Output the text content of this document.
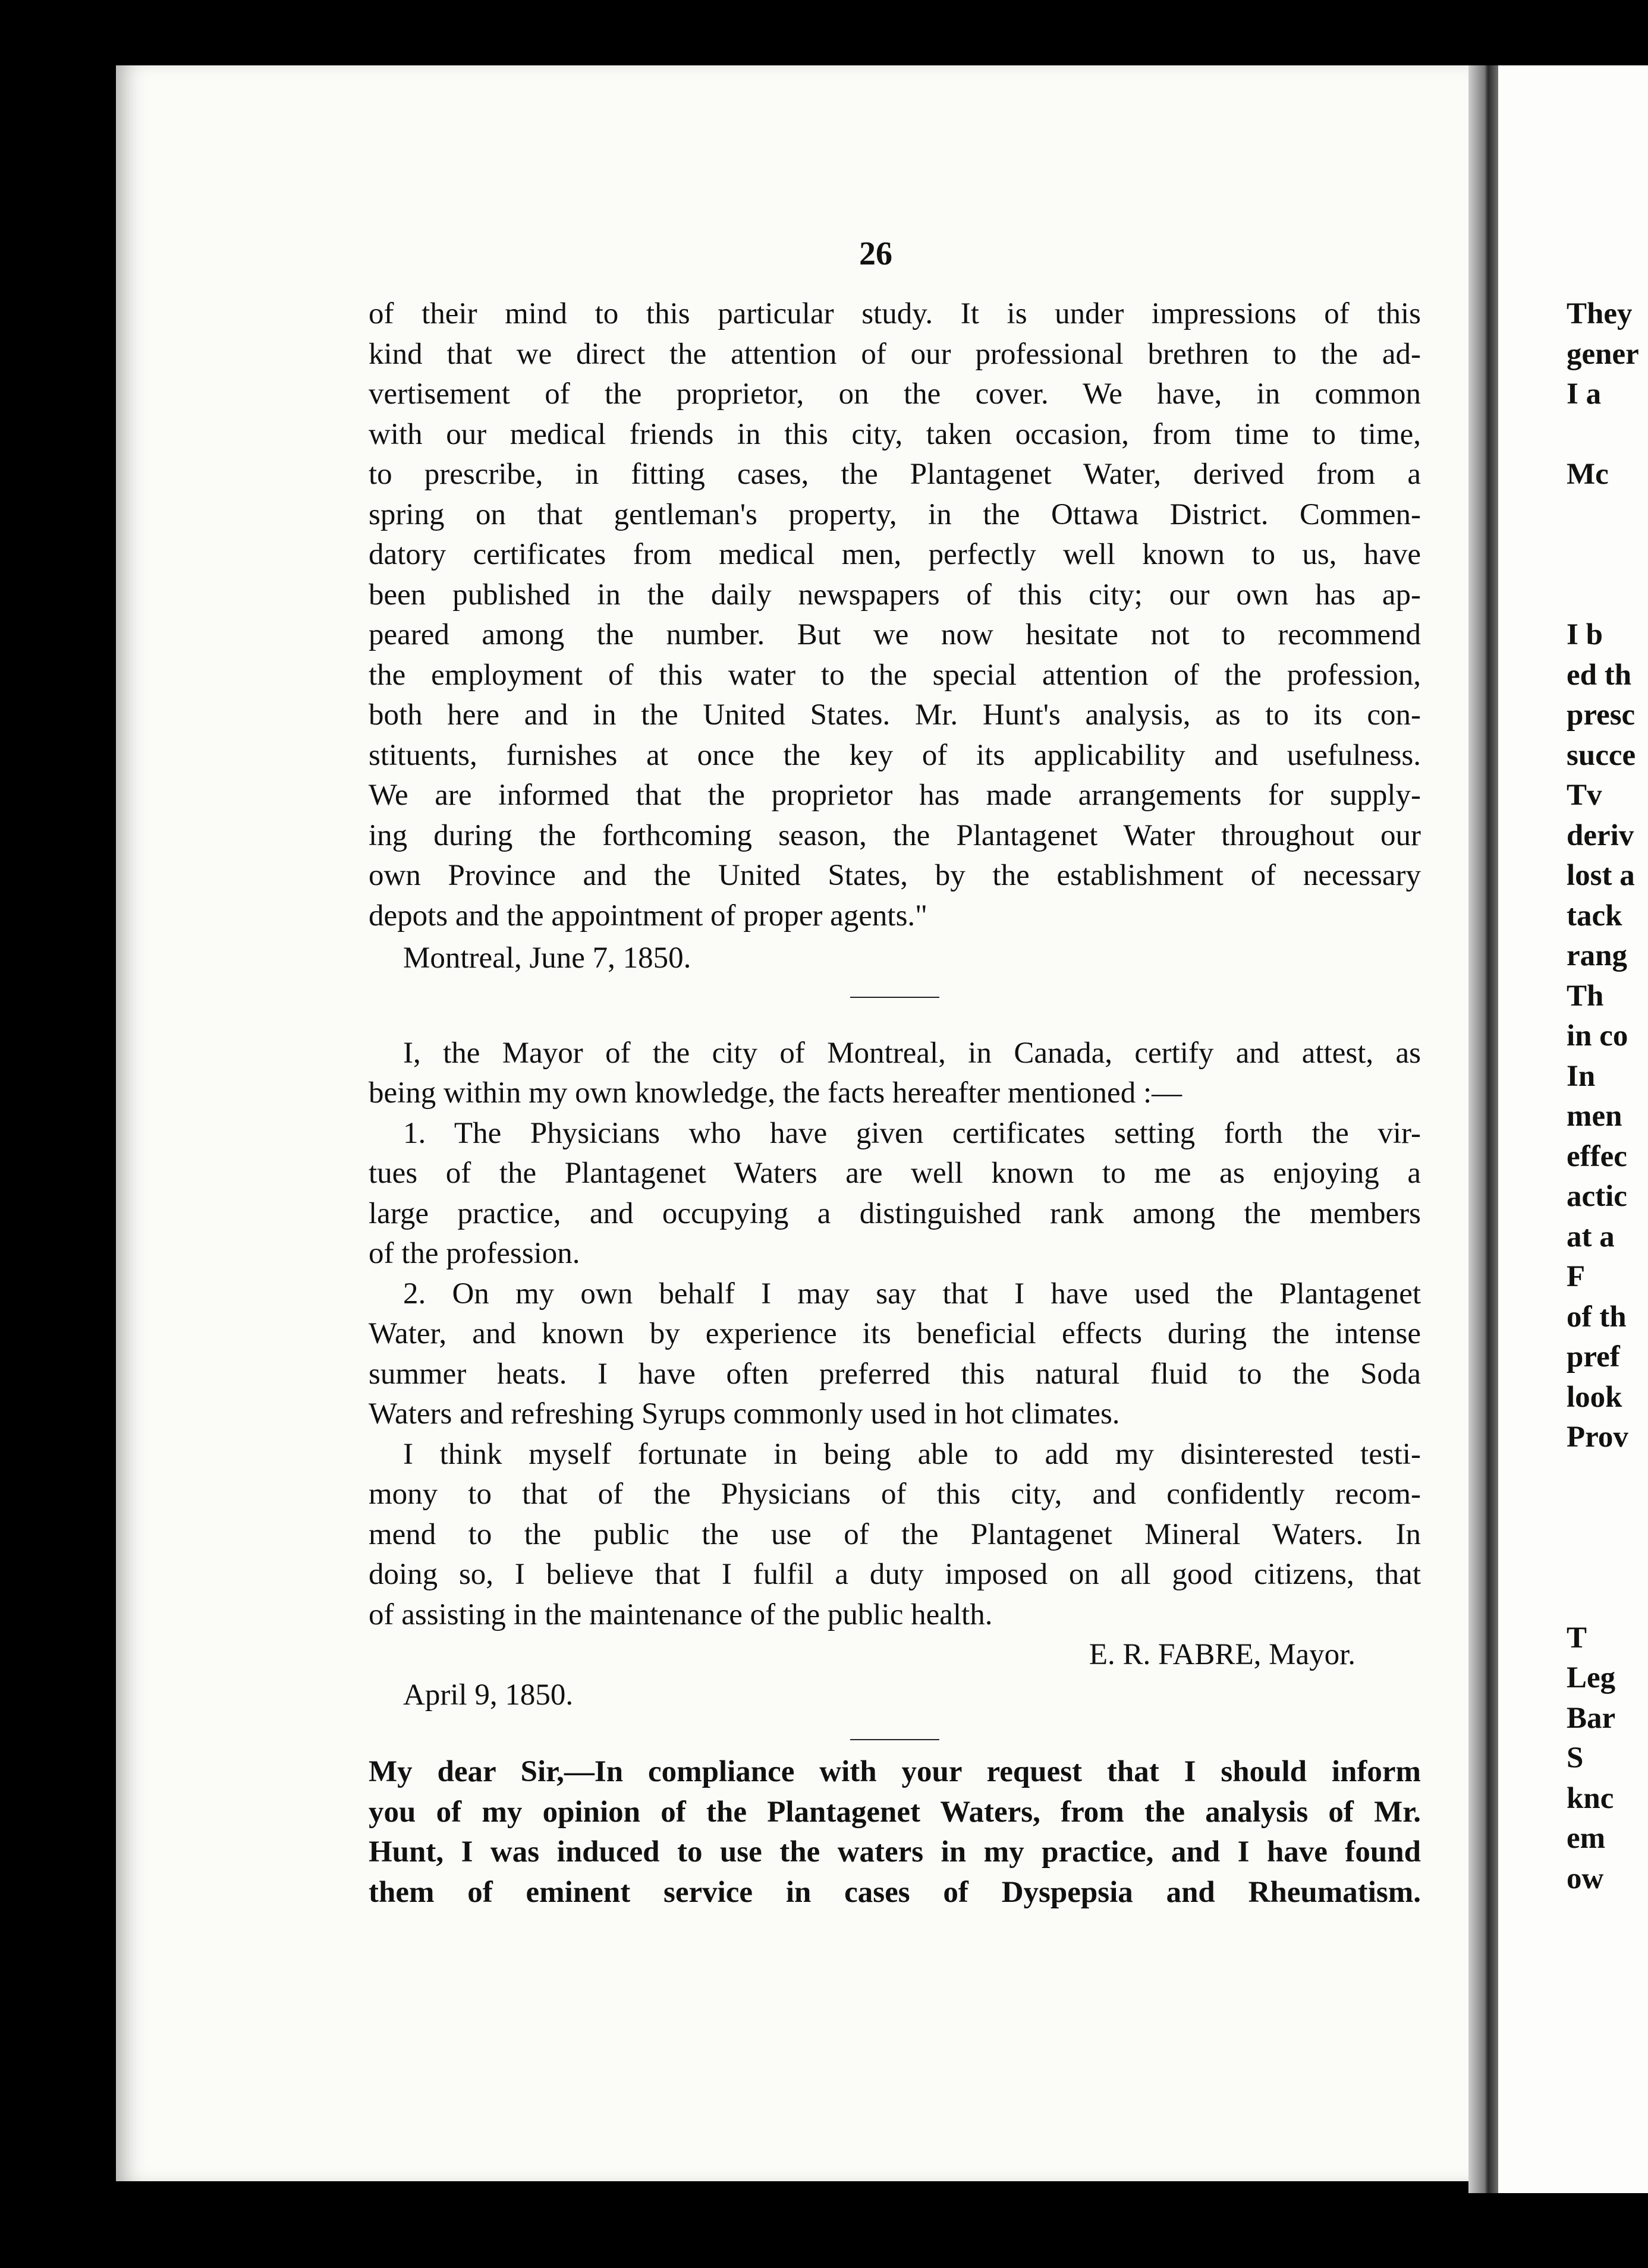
26
of their mind to this particular study. It is under impressions of this
kind that we direct the attention of our professional brethren to the ad-
vertisement of the proprietor, on the cover. We have, in common
with our medical friends in this city, taken occasion, from time to time,
to prescribe, in fitting cases, the Plantagenet Water, derived from a
spring on that gentleman's property, in the Ottawa District. Commen-
datory certificates from medical men, perfectly well known to us, have
been published in the daily newspapers of this city; our own has ap-
peared among the number. But we now hesitate not to recommend
the employment of this water to the special attention of the profession,
both here and in the United States. Mr. Hunt's analysis, as to its con-
stituents, furnishes at once the key of its applicability and usefulness.
We are informed that the proprietor has made arrangements for supply-
ing during the forthcoming season, the Plantagenet Water throughout our
own Province and the United States, by the establishment of necessary
depots and the appointment of proper agents."
Montreal, June 7, 1850.
I, the Mayor of the city of Montreal, in Canada, certify and attest, as
being within my own knowledge, the facts hereafter mentioned :—
1. The Physicians who have given certificates setting forth the vir-
tues of the Plantagenet Waters are well known to me as enjoying a
large practice, and occupying a distinguished rank among the members
of the profession.
2. On my own behalf I may say that I have used the Plantagenet
Water, and known by experience its beneficial effects during the intense
summer heats. I have often preferred this natural fluid to the Soda
Waters and refreshing Syrups commonly used in hot climates.
I think myself fortunate in being able to add my disinterested testi-
mony to that of the Physicians of this city, and confidently recom-
mend to the public the use of the Plantagenet Mineral Waters. In
doing so, I believe that I fulfil a duty imposed on all good citizens, that
of assisting in the maintenance of the public health.
E. R. FABRE, Mayor.
April 9, 1850.
My dear Sir,—In compliance with your request that I should inform
you of my opinion of the Plantagenet Waters, from the analysis of Mr.
Hunt, I was induced to use the waters in my practice, and I have found
them of eminent service in cases of Dyspepsia and Rheumatism.
They
gener
I a
Mc
I b
ed th
presc
succe
Tv
deriv
lost a
tack
rang
Th
in co
In
men
effec
actic
at a
F
of th
pref
look
Prov
T
Leg
Bar
S
knc
em
ow
